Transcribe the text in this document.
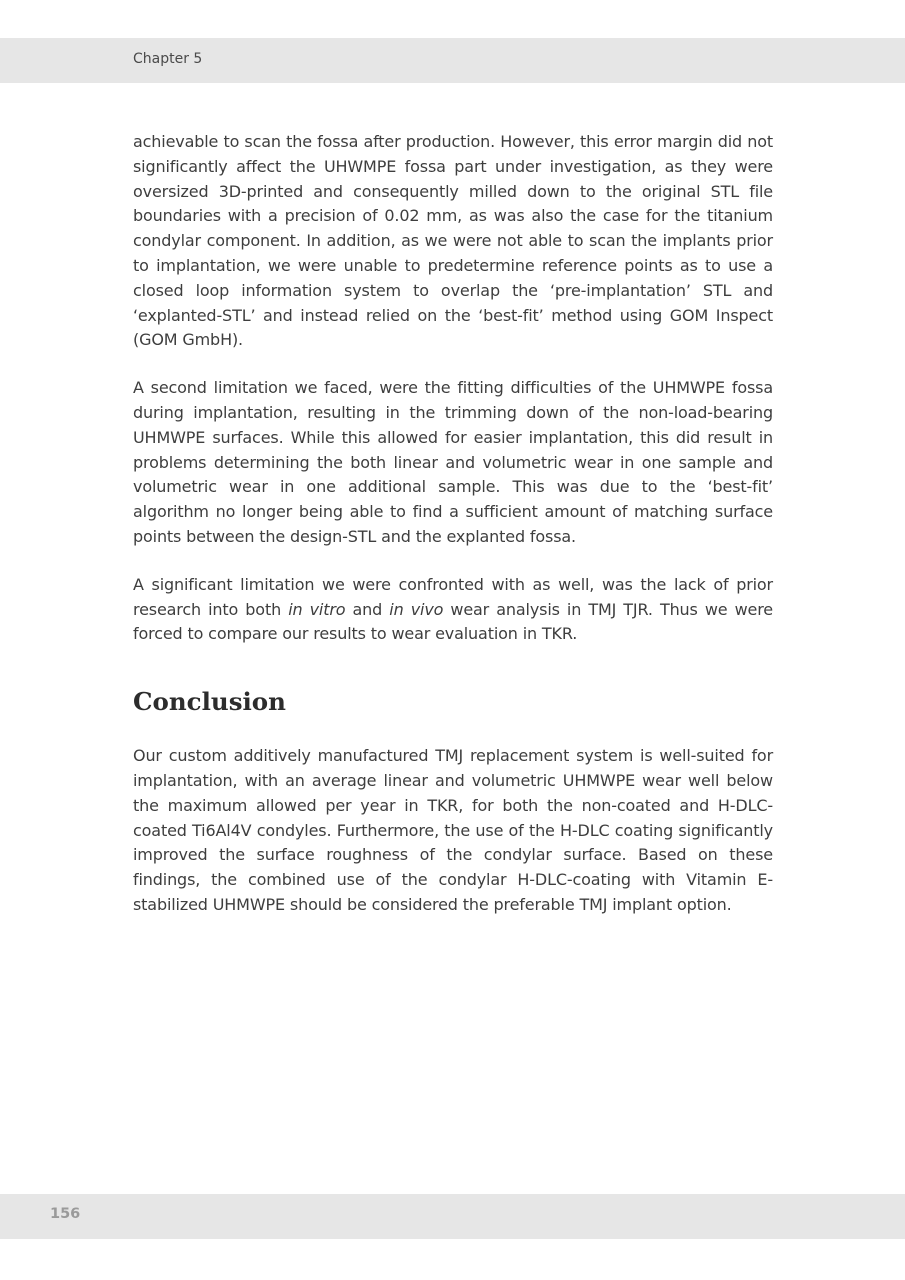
Chapter 5

achievable to scan the fossa after production. However, this error margin did not significantly affect the UHWMPE fossa part under investigation, as they were oversized 3D-printed and consequently milled down to the original STL file boundaries with a precision of 0.02 mm, as was also the case for the titanium condylar component. In addition, as we were not able to scan the implants prior to implantation, we were unable to predetermine reference points as to use a closed loop information system to overlap the ‘pre-implantation’ STL and ‘explanted-STL’ and instead relied on the ‘best-fit’ method using GOM Inspect (GOM GmbH).

A second limitation we faced, were the fitting difficulties of the UHMWPE fossa during implantation, resulting in the trimming down of the non-load-bearing UHMWPE surfaces. While this allowed for easier implantation, this did result in problems determining the both linear and volumetric wear in one sample and volumetric wear in one additional sample. This was due to the ‘best-fit’ algorithm no longer being able to find a sufficient amount of matching surface points between the design-STL and the explanted fossa.

A significant limitation we were confronted with as well, was the lack of prior research into both in vitro and in vivo wear analysis in TMJ TJR. Thus we were forced to compare our results to wear evaluation in TKR.

Conclusion

Our custom additively manufactured TMJ replacement system is well-suited for implantation, with an average linear and volumetric UHMWPE wear well below the maximum allowed per year in TKR, for both the non-coated and H-DLC-coated Ti6Al4V condyles. Furthermore, the use of the H-DLC coating significantly improved the surface roughness of the condylar surface. Based on these findings, the combined use of the condylar H-DLC-coating with Vitamin E-stabilized UHMWPE should be considered the preferable TMJ implant option.

156
